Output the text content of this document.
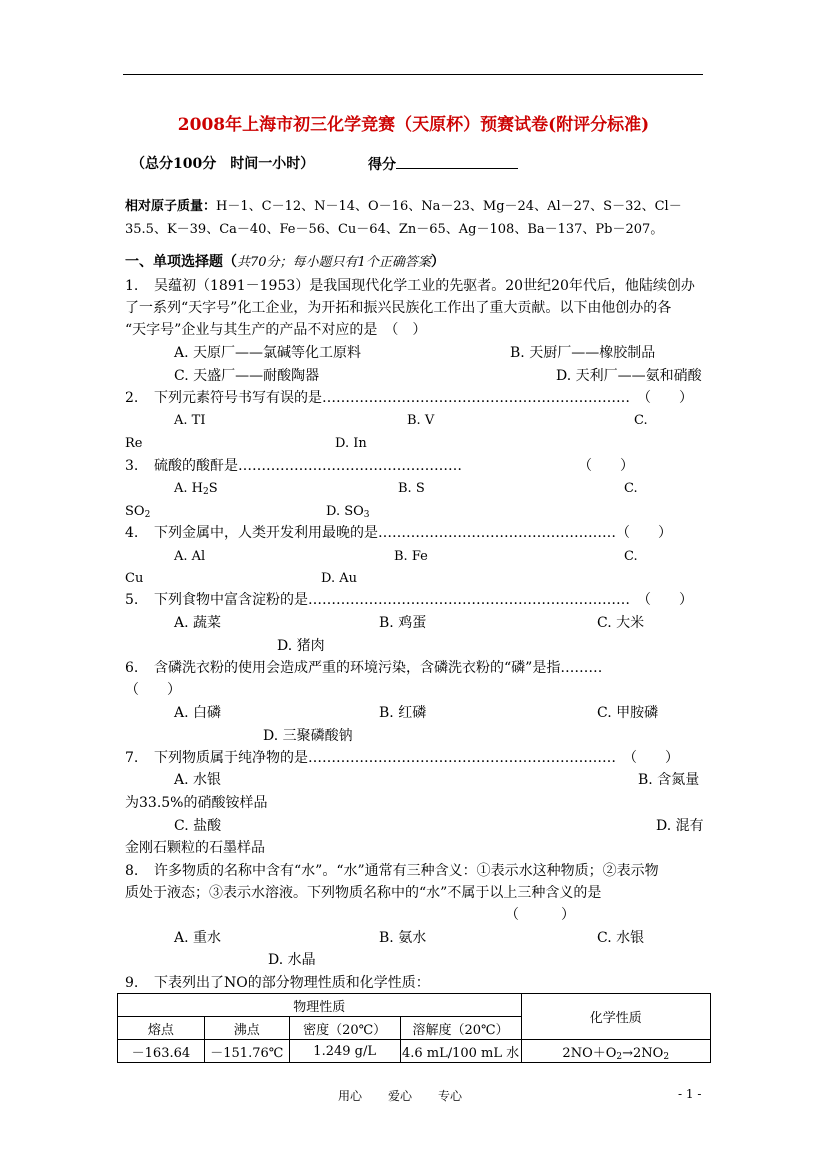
2008年上海市初三化学竞赛（天原杯）预赛试卷(附评分标准)
（总分100分　时间一小时）	得分
相对原子质量：H－1、C－12、N－14、O－16、Na－23、Mg－24、Al－27、S－32、Cl－
35.5、K－39、Ca－40、Fe－56、Cu－64、Zn－65、Ag－108、Ba－137、Pb－207。
一、单项选择题（共70分；每小题只有1个正确答案）
1. 吴蕴初（1891－1953）是我国现代化学工业的先驱者。20世纪20年代后，他陆续创办
了一系列“天字号”化工企业，为开拓和振兴民族化工作出了重大贡献。以下由他创办的各
“天字号”企业与其生产的产品不对应的是　（　）
A. 天原厂——氯碱等化工原料	B. 天厨厂——橡胶制品
C. 天盛厂——耐酸陶器	D. 天利厂——氨和硝酸
2. 下列元素符号书写有误的是…………………………………………………………　（　　）
A. TI	B. V	C.
Re	D. In
3. 硫酸的酸酐是…………………………………………	（　　）
A. $H_2S$	B. S	C.
$SO_2$	D. $SO_3$
4. 下列金属中，人类开发利用最晚的是……………………………………………（　　）
A. Al	B. Fe	C.
Cu	D. Au
5. 下列食物中富含淀粉的是……………………………………………………………　（　　）
A. 蔬菜	B. 鸡蛋	C. 大米
D. 猪肉
6. 含磷洗衣粉的使用会造成严重的环境污染，含磷洗衣粉的“磷”是指………
（　　）
A. 白磷	B. 红磷	C. 甲胺磷
D. 三聚磷酸钠
7. 下列物质属于纯净物的是…………………………………………………………　（　　）
A. 水银	B. 含氮量
为33.5%的硝酸铵样品
C. 盐酸	D. 混有
金刚石颗粒的石墨样品
8. 许多物质的名称中含有“水”。“水”通常有三种含义：①表示水这种物质；②表示物
质处于液态；③表示水溶液。下列物质名称中的“水”不属于以上三种含义的是
（　　　）
A. 重水	B. 氨水	C. 水银
D. 水晶
9. 下表列出了NO的部分物理性质和化学性质：
物理性质				化学性质
熔点	沸点	密度（20℃）	溶解度（20℃）	
－163.64	－151.76℃	1.249 g/L	4.6 mL/100 mL 水	$2NO+O_2\to 2NO_2$
用心 爱心 专心	- 1 -
